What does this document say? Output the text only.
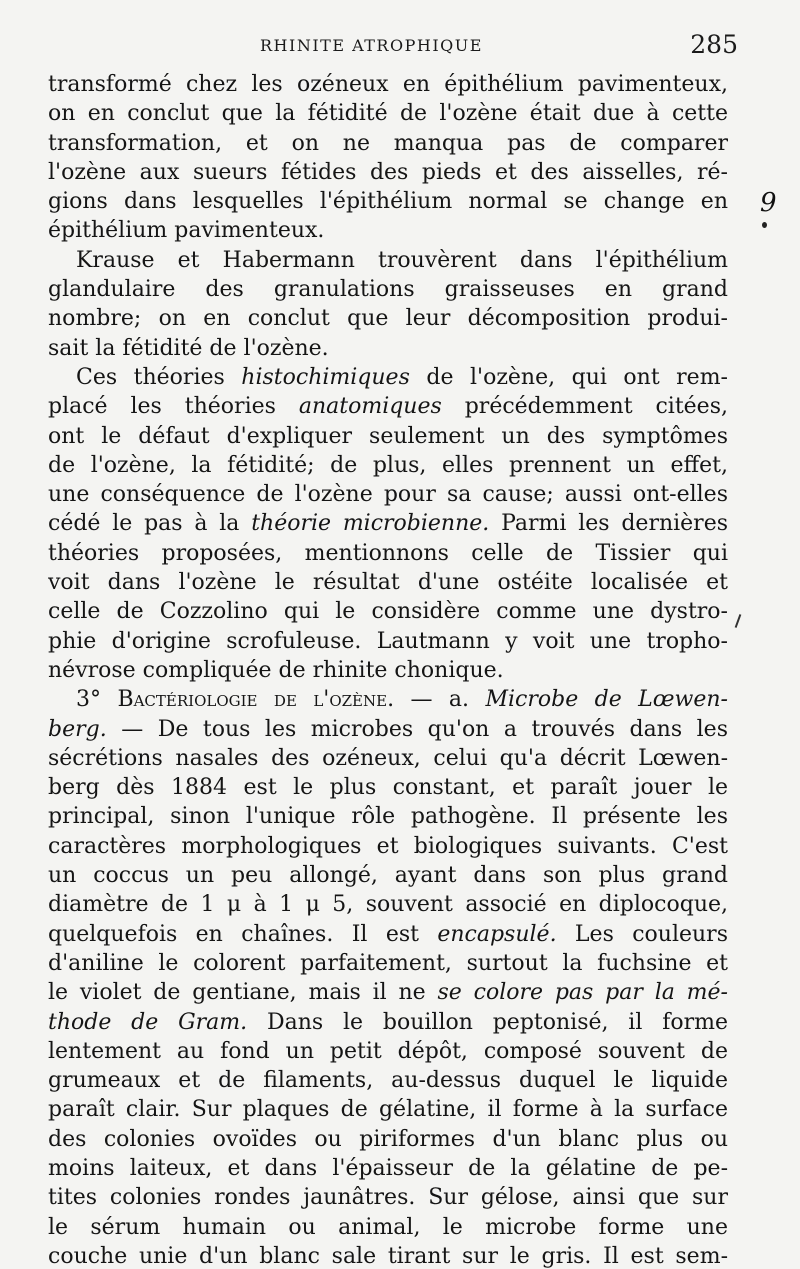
RHINITE ATROPHIQUE	285
transformé chez les ozéneux en épithélium pavimenteux,
on en conclut que la fétidité de l'ozène était due à cette
transformation, et on ne manqua pas de comparer
l'ozène aux sueurs fétides des pieds et des aisselles, ré-
gions dans lesquelles l'épithélium normal se change en
épithélium pavimenteux.
Krause et Habermann trouvèrent dans l'épithélium
glandulaire des granulations graisseuses en grand
nombre; on en conclut que leur décomposition produi-
sait la fétidité de l'ozène.
Ces théories histochimiques de l'ozène, qui ont rem-
placé les théories anatomiques précédemment citées,
ont le défaut d'expliquer seulement un des symptômes
de l'ozène, la fétidité; de plus, elles prennent un effet,
une conséquence de l'ozène pour sa cause; aussi ont-elles
cédé le pas à la théorie microbienne. Parmi les dernières
théories proposées, mentionnons celle de Tissier qui
voit dans l'ozène le résultat d'une ostéite localisée et
celle de Cozzolino qui le considère comme une dystro-
phie d'origine scrofuleuse. Lautmann y voit une tropho-
névrose compliquée de rhinite chonique.
3° Bactériologie de l'ozène. — a. Microbe de Lœwen-
berg. — De tous les microbes qu'on a trouvés dans les
sécrétions nasales des ozéneux, celui qu'a décrit Lœwen-
berg dès 1884 est le plus constant, et paraît jouer le
principal, sinon l'unique rôle pathogène. Il présente les
caractères morphologiques et biologiques suivants. C'est
un coccus un peu allongé, ayant dans son plus grand
diamètre de 1 μ à 1 μ 5, souvent associé en diplocoque,
quelquefois en chaînes. Il est encapsulé. Les couleurs
d'aniline le colorent parfaitement, surtout la fuchsine et
le violet de gentiane, mais il ne se colore pas par la mé-
thode de Gram. Dans le bouillon peptonisé, il forme
lentement au fond un petit dépôt, composé souvent de
grumeaux et de filaments, au-dessus duquel le liquide
paraît clair. Sur plaques de gélatine, il forme à la surface
des colonies ovoïdes ou piriformes d'un blanc plus ou
moins laiteux, et dans l'épaisseur de la gélatine de pe-
tites colonies rondes jaunâtres. Sur gélose, ainsi que sur
le sérum humain ou animal, le microbe forme une
couche unie d'un blanc sale tirant sur le gris. Il est sem-
9
